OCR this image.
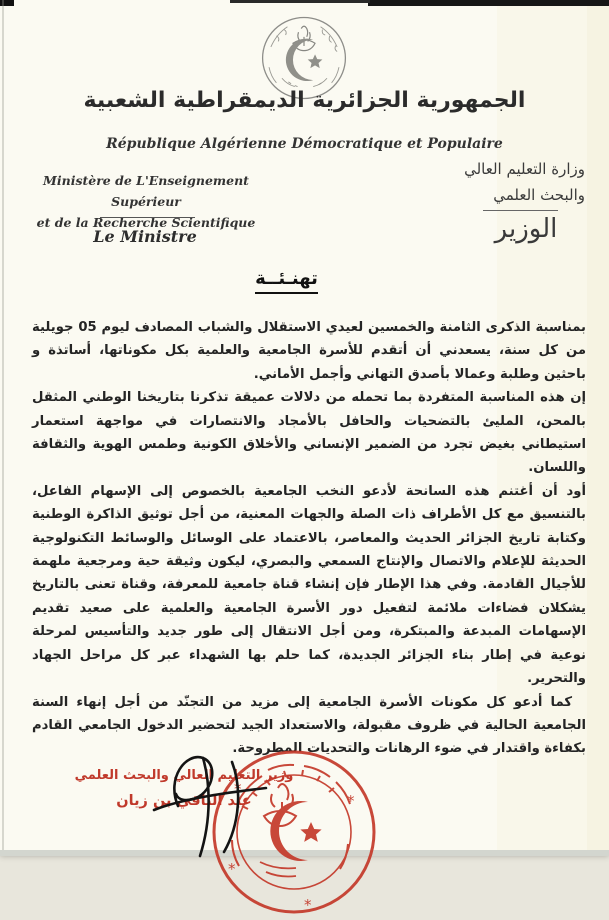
الجمهورية الجزائرية الديمقراطية الشعبية
République Algérienne Démocratique et Populaire
Ministère de L'Enseignement Supérieur
et de la Recherche Scientifique
Le Ministre
وزارة التعليم العالي
والبحث العلمي
الوزير
تهنـئــة

بمناسبة الذكرى الثامنة والخمسين لعيدي الاستقلال والشباب المصادف ليوم 05 جويلية من كل سنة، يسعدني أن أتقدم للأسرة الجامعية والعلمية بكل مكوناتها، أساتذة و باحثين وطلبة وعمالا بأصدق التهاني وأجمل الأماني.

إن هذه المناسبة المتفردة بما تحمله من دلالات عميقة تذكرنا بتاريخنا الوطني المثقل بالمحن، المليئ بالتضحيات والحافل بالأمجاد والانتصارات في مواجهة استعمار استيطاني بغيض تجرد من الضمير الإنساني والأخلاق الكونية وطمس الهوية والثقافة واللسان.

أود أن أغتنم هذه السانحة لأدعو النخب الجامعية بالخصوص إلى الإسهام الفاعل، بالتنسيق مع كل الأطراف ذات الصلة والجهات المعنية، من أجل توثيق الذاكرة الوطنية وكتابة تاريخ الجزائر الحديث والمعاصر، بالاعتماد على الوسائل والوسائط التكنولوجية الحديثة للإعلام والاتصال والإنتاج السمعي والبصري، ليكون وثيقة حية ومرجعية ملهمة للأجيال القادمة. وفي هذا الإطار فإن إنشاء قناة جامعية للمعرفة، وقناة تعنى بالتاريخ يشكلان فضاءات ملائمة لتفعيل دور الأسرة الجامعية والعلمية على صعيد تقديم الإسهامات المبدعة والمبتكرة، ومن أجل الانتقال إلى طور جديد والتأسيس لمرحلة نوعية في إطار بناء الجزائر الجديدة، كما حلم بها الشهداء عبر كل مراحل الجهاد والتحرير.

كما أدعو كل مكونات الأسرة الجامعية إلى مزيد من التجنّد من أجل إنهاء السنة الجامعية الحالية في ظروف مقبولة، والاستعداد الجيد لتحضير الدخول الجامعي القادم بكفاءة واقتدار في ضوء الرهانات والتحديات المطروحة.

وزير التعليم العالي والبحث العلمي

عبد الباقي بن زيان

*
*
*
*
